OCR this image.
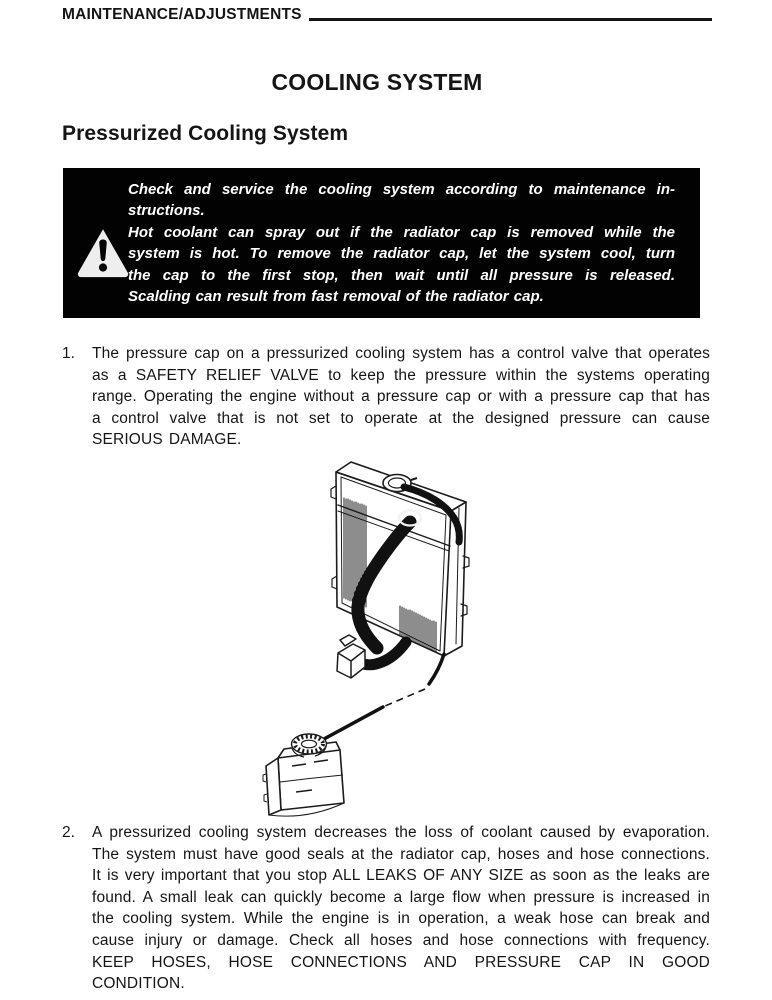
MAINTENANCE/ADJUSTMENTS
COOLING SYSTEM
Pressurized Cooling System
Check and service the cooling system according to maintenance in-
structions.
Hot coolant can spray out if the radiator cap is removed while the
system is hot. To remove the radiator cap, let the system cool, turn
the cap to the first stop, then wait until all pressure is released.
Scalding can result from fast removal of the radiator cap.
1.	The pressure cap on a pressurized cooling system has a control valve that operates as a SAFETY RELIEF VALVE to keep the pressure within the systems operating range. Operating the engine without a pressure cap or with a pressure cap that has a control valve that is not set to operate at the designed pressure can cause SERIOUS DAMAGE.

2.	A pressurized cooling system decreases the loss of coolant caused by evaporation. The system must have good seals at the radiator cap, hoses and hose connections. It is very important that you stop ALL LEAKS OF ANY SIZE as soon as the leaks are found. A small leak can quickly become a large flow when pressure is increased in the cooling system. While the engine is in operation, a weak hose can break and cause injury or damage. Check all hoses and hose connections with frequency. KEEP HOSES, HOSE CONNECTIONS AND PRESSURE CAP IN GOOD CONDITION.
